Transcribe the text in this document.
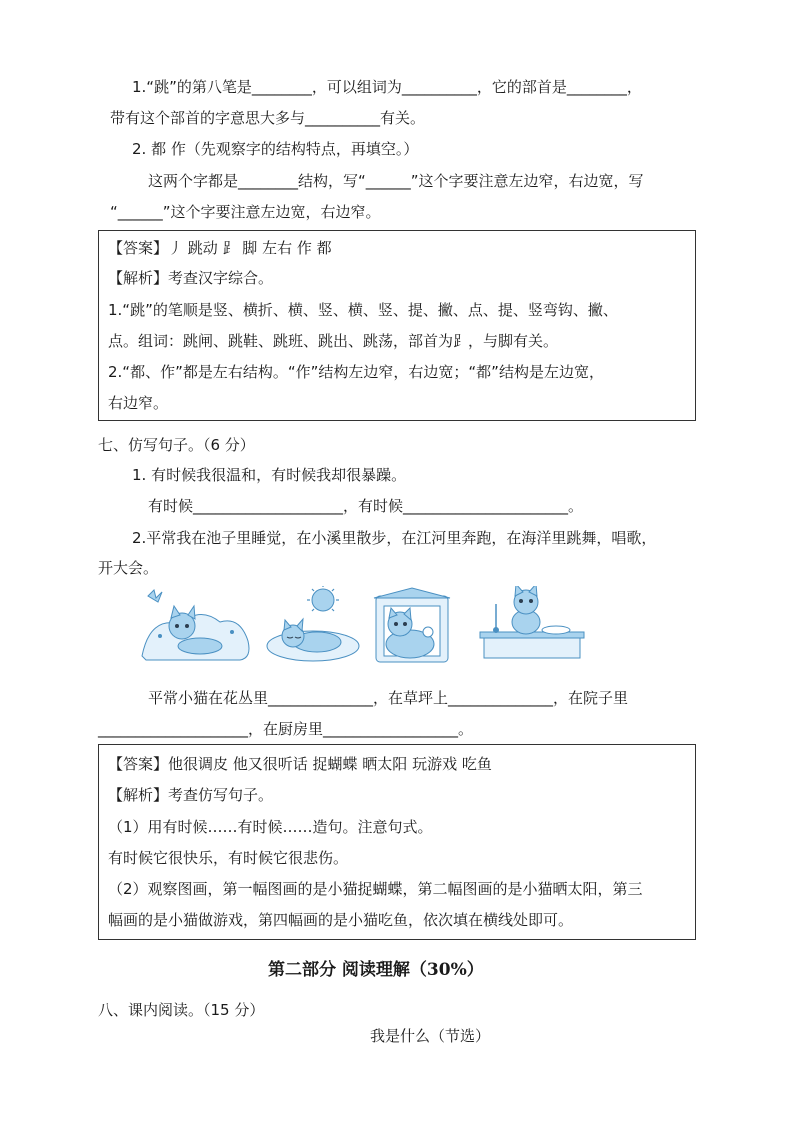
1.“跳”的第八笔是________，可以组词为__________，它的部首是________，
带有这个部首的字意思大多与__________有关。
2. 都 作（先观察字的结构特点，再填空。）
这两个字都是________结构，写“______”这个字要注意左边窄，右边宽，写
“______”这个字要注意左边宽，右边窄。
【答案】丿 跳动 ⻊ 脚 左右 作 都
【解析】考查汉字综合。
1.“跳”的笔顺是竖、横折、横、竖、横、竖、提、撇、点、提、竖弯钩、撇、
点。组词：跳闸、跳鞋、跳班、跳出、跳荡，部首为⻊，与脚有关。
2.“都、作”都是左右结构。“作”结构左边窄，右边宽；“都”结构是左边宽，
右边窄。
七、仿写句子。（6 分）
1. 有时候我很温和，有时候我却很暴躁。
有时候____________________，有时候______________________。
2.平常我在池子里睡觉，在小溪里散步，在江河里奔跑，在海洋里跳舞，唱歌，
开大会。
平常小猫在花丛里______________，在草坪上______________，在院子里
____________________，在厨房里__________________。
【答案】他很调皮 他又很听话 捉蝴蝶 晒太阳 玩游戏 吃鱼
【解析】考查仿写句子。
（1）用有时候……有时候……造句。注意句式。
有时候它很快乐，有时候它很悲伤。
（2）观察图画，第一幅图画的是小猫捉蝴蝶，第二幅图画的是小猫晒太阳，第三
幅画的是小猫做游戏，第四幅画的是小猫吃鱼，依次填在横线处即可。
第二部分 阅读理解（30%）
八、课内阅读。（15 分）
我是什么（节选）
